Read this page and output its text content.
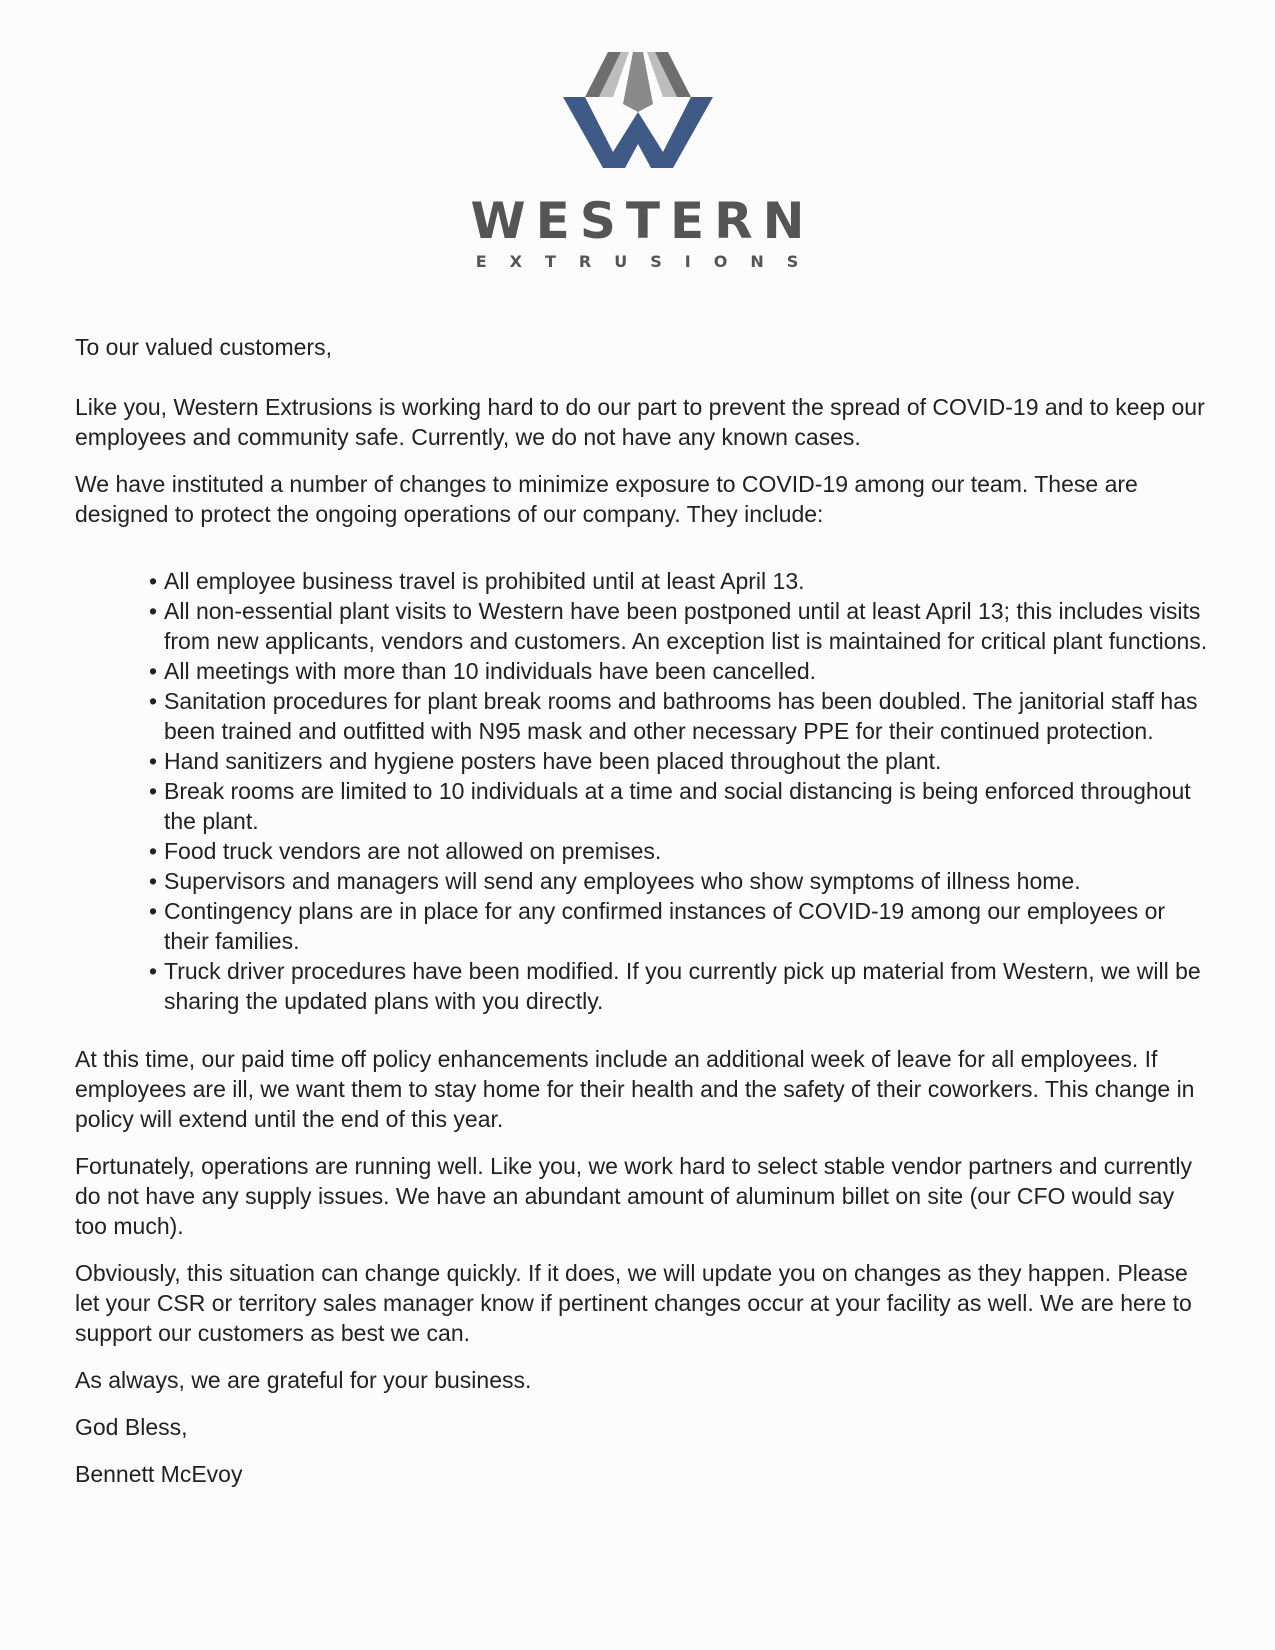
WESTERN
EXTRUSIONS

To our valued customers,

Like you, Western Extrusions is working hard to do our part to prevent the spread of COVID-19 and to keep our employees and community safe. Currently, we do not have any known cases.

We have instituted a number of changes to minimize exposure to COVID-19 among our team. These are designed to protect the ongoing operations of our company. They include:

• All employee business travel is prohibited until at least April 13.
• All non-essential plant visits to Western have been postponed until at least April 13; this includes visits from new applicants, vendors and customers. An exception list is maintained for critical plant functions.
• All meetings with more than 10 individuals have been cancelled.
• Sanitation procedures for plant break rooms and bathrooms has been doubled. The janitorial staff has been trained and outfitted with N95 mask and other necessary PPE for their continued protection.
• Hand sanitizers and hygiene posters have been placed throughout the plant.
• Break rooms are limited to 10 individuals at a time and social distancing is being enforced throughout the plant.
• Food truck vendors are not allowed on premises.
• Supervisors and managers will send any employees who show symptoms of illness home.
• Contingency plans are in place for any confirmed instances of COVID-19 among our employees or their families.
• Truck driver procedures have been modified. If you currently pick up material from Western, we will be sharing the updated plans with you directly.

At this time, our paid time off policy enhancements include an additional week of leave for all employees. If employees are ill, we want them to stay home for their health and the safety of their coworkers. This change in policy will extend until the end of this year.

Fortunately, operations are running well. Like you, we work hard to select stable vendor partners and currently do not have any supply issues. We have an abundant amount of aluminum billet on site (our CFO would say too much).

Obviously, this situation can change quickly. If it does, we will update you on changes as they happen. Please let your CSR or territory sales manager know if pertinent changes occur at your facility as well. We are here to support our customers as best we can.

As always, we are grateful for your business.

God Bless,

Bennett McEvoy
